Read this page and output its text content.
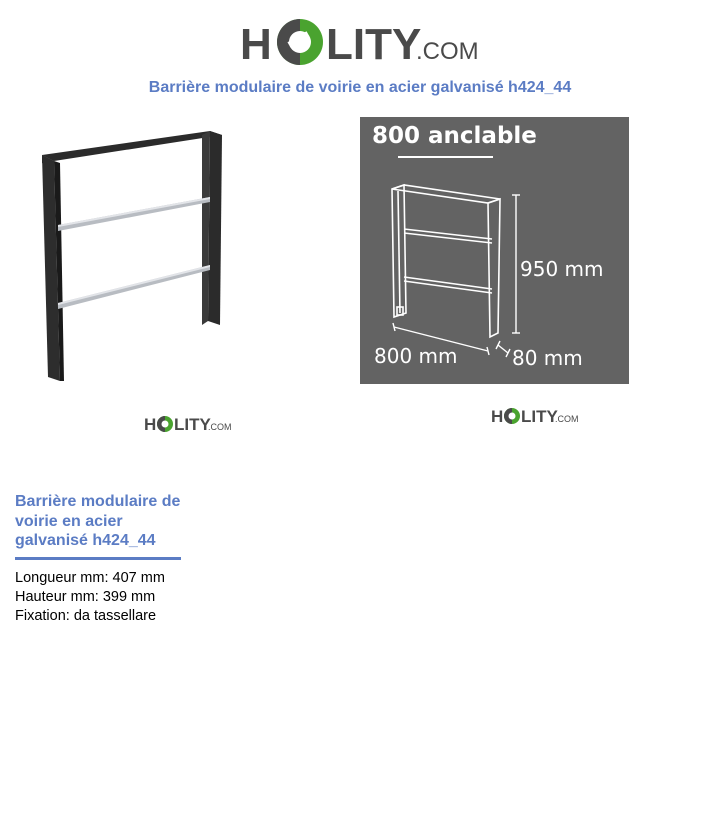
H LITY
.COM
Barrière modulaire de voirie en acier galvanisé h424_44
800 anclable
950 mm
800 mm	80 mm
H LITY
.COM
H LITY
.COM
Barrière modulaire de voirie en acier galvanisé h424_44
Longueur mm: 407 mm
Hauteur mm: 399 mm
Fixation: da tassellare
